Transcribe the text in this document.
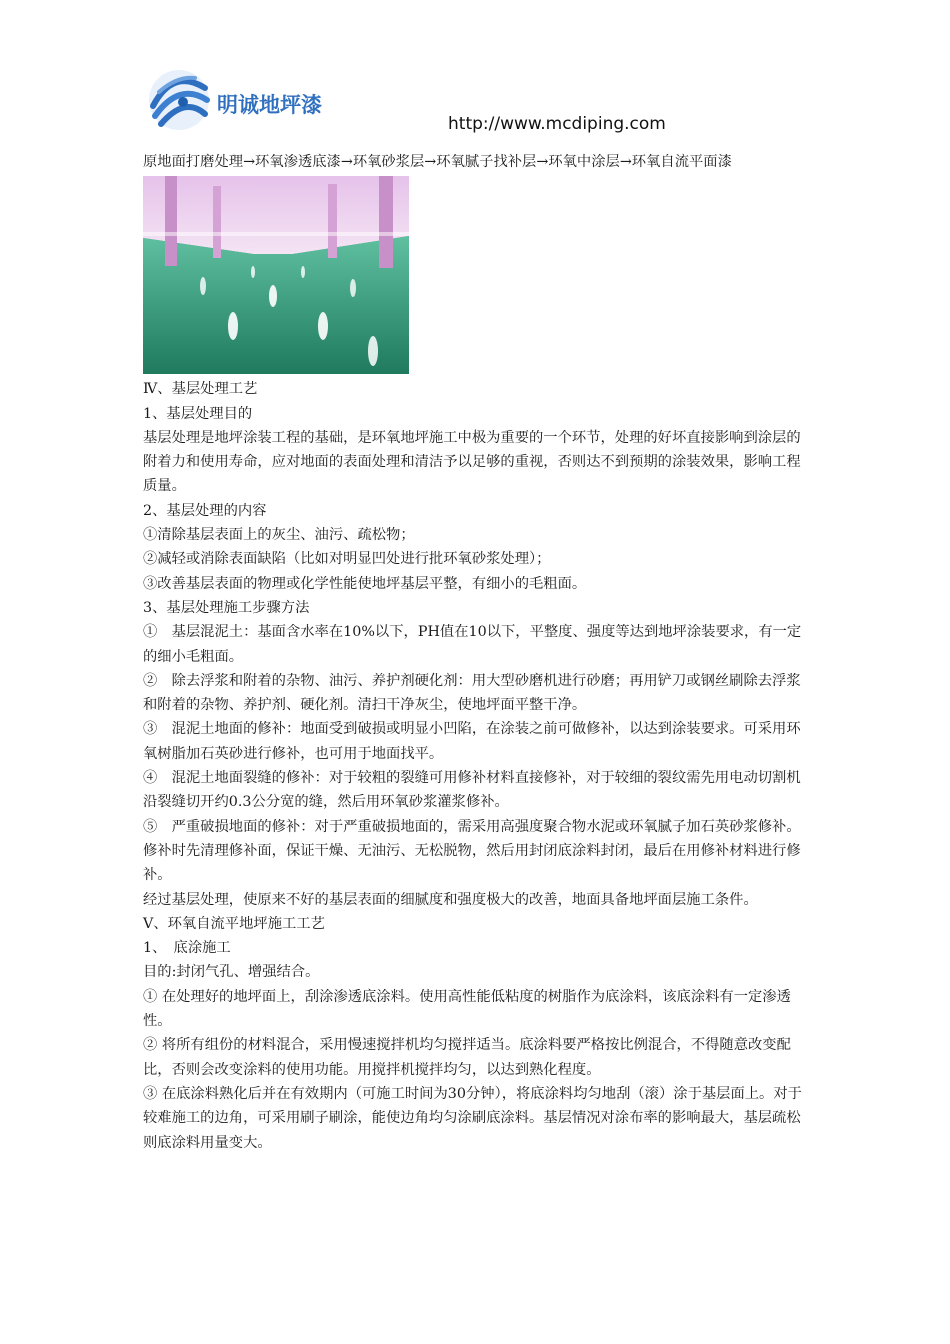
明诚地坪漆
http://www.mcdiping.com

原地面打磨处理→环氧渗透底漆→环氧砂浆层→环氧腻子找补层→环氧中涂层→环氧自流平面漆

Ⅳ、基层处理工艺

1、基层处理目的

基层处理是地坪涂装工程的基础，是环氧地坪施工中极为重要的一个环节，处理的好坏直接影响到涂层的附着力和使用寿命，应对地面的表面处理和清洁予以足够的重视，否则达不到预期的涂装效果，影响工程质量。

2、基层处理的内容

①清除基层表面上的灰尘、油污、疏松物；

②减轻或消除表面缺陷（比如对明显凹处进行批环氧砂浆处理）；

③改善基层表面的物理或化学性能使地坪基层平整，有细小的毛粗面。

3、基层处理施工步骤方法

①　基层混泥土：基面含水率在10%以下，PH值在10以下，平整度、强度等达到地坪涂装要求，有一定的细小毛粗面。

②　除去浮浆和附着的杂物、油污、养护剂硬化剂：用大型砂磨机进行砂磨；再用铲刀或钢丝刷除去浮浆和附着的杂物、养护剂、硬化剂。清扫干净灰尘，使地坪面平整干净。

③　混泥土地面的修补：地面受到破损或明显小凹陷，在涂装之前可做修补，以达到涂装要求。可采用环氧树脂加石英砂进行修补，也可用于地面找平。

④　混泥土地面裂缝的修补：对于较粗的裂缝可用修补材料直接修补，对于较细的裂纹需先用电动切割机沿裂缝切开约0.3公分宽的缝，然后用环氧砂浆灌浆修补。

⑤　严重破损地面的修补：对于严重破损地面的，需采用高强度聚合物水泥或环氧腻子加石英砂浆修补。修补时先清理修补面，保证干燥、无油污、无松脱物，然后用封闭底涂料封闭，最后在用修补材料进行修补。

经过基层处理，使原来不好的基层表面的细腻度和强度极大的改善，地面具备地坪面层施工条件。

Ⅴ、环氧自流平地坪施工工艺

1、　底涂施工

目的:封闭气孔、增强结合。

① 在处理好的地坪面上，刮涂渗透底涂料。使用高性能低粘度的树脂作为底涂料，该底涂料有一定渗透性。

② 将所有组份的材料混合，采用慢速搅拌机均匀搅拌适当。底涂料要严格按比例混合，不得随意改变配比，否则会改变涂料的使用功能。用搅拌机搅拌均匀，以达到熟化程度。

③ 在底涂料熟化后并在有效期内（可施工时间为30分钟），将底涂料均匀地刮（滚）涂于基层面上。对于较难施工的边角，可采用刷子刷涂，能使边角均匀涂刷底涂料。基层情况对涂布率的影响最大，基层疏松则底涂料用量变大。
